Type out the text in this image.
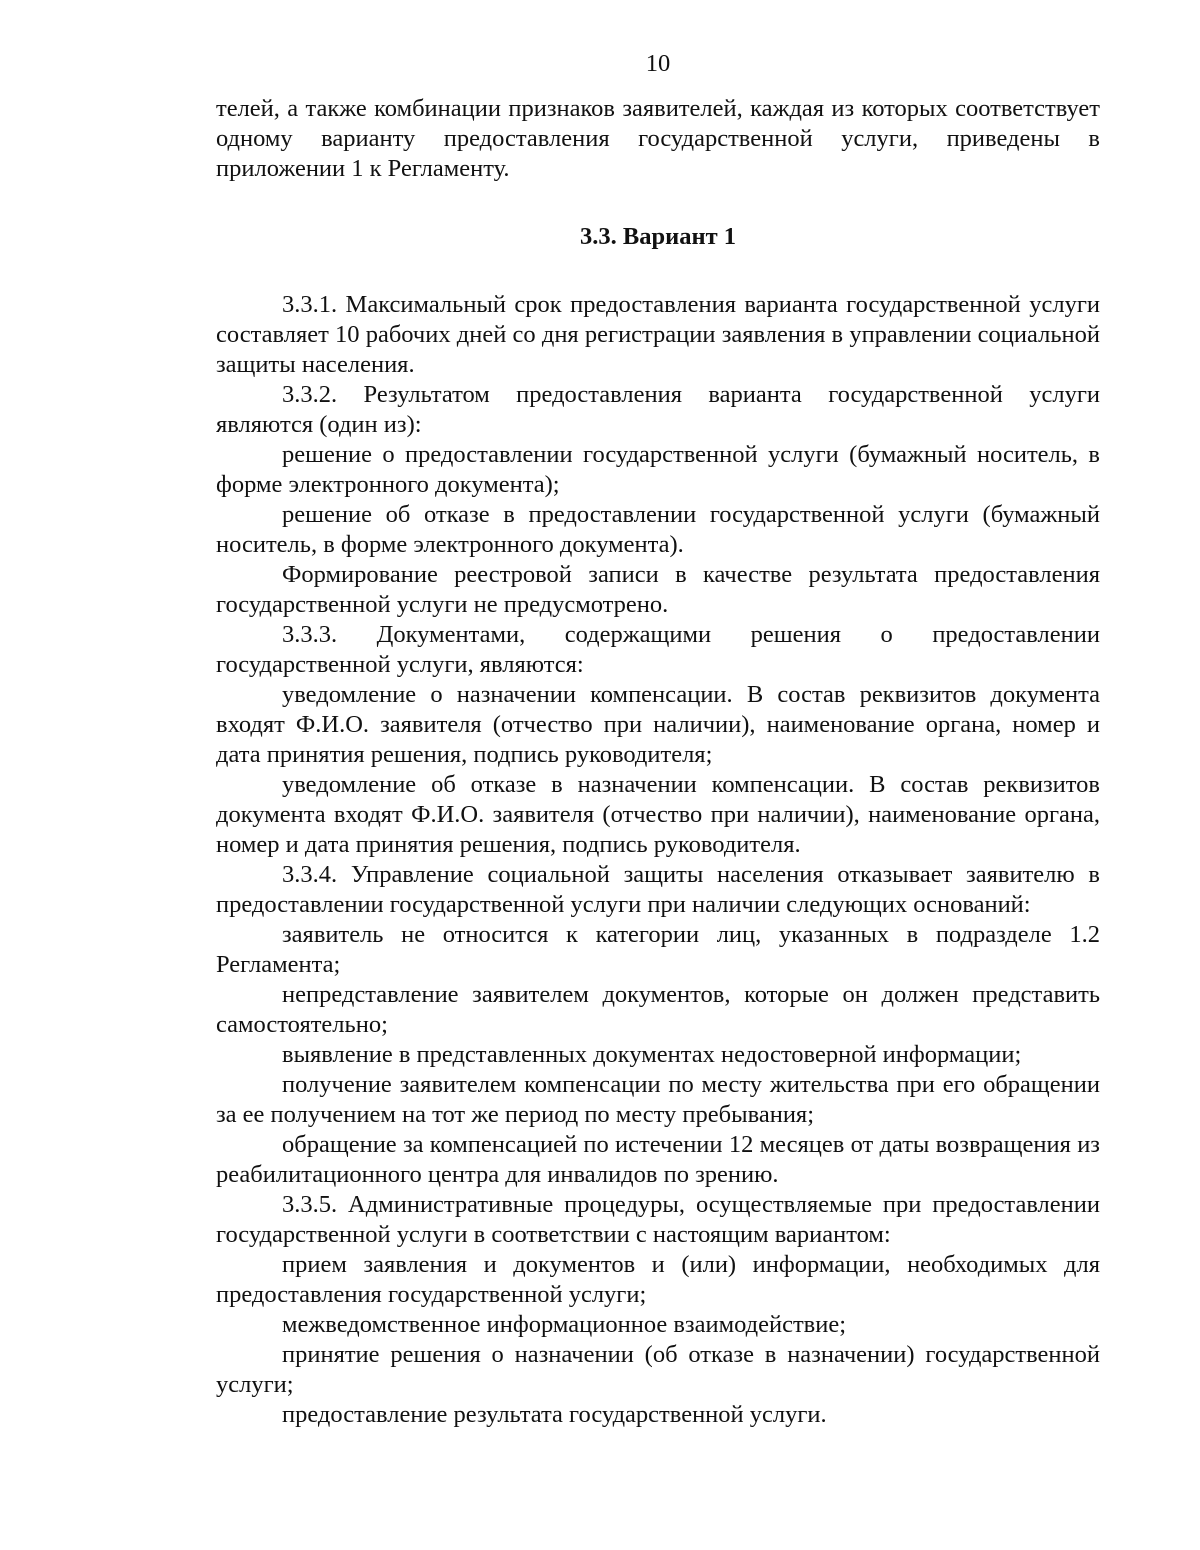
10

телей, а также комбинации признаков заявителей, каждая из которых соответствует одному варианту предоставления государственной услуги, приведены в приложении 1 к Регламенту.

3.3. Вариант 1

3.3.1. Максимальный срок предоставления варианта государственной услуги составляет 10 рабочих дней со дня регистрации заявления в управлении социальной защиты населения.

3.3.2. Результатом предоставления варианта государственной услуги являются (один из):

решение о предоставлении государственной услуги (бумажный носитель, в форме электронного документа);

решение об отказе в предоставлении государственной услуги (бумажный носитель, в форме электронного документа).

Формирование реестровой записи в качестве результата предоставления государственной услуги не предусмотрено.

3.3.3. Документами, содержащими решения о предоставлении государственной услуги, являются:

уведомление о назначении компенсации. В состав реквизитов документа входят Ф.И.О. заявителя (отчество при наличии), наименование органа, номер и дата принятия решения, подпись руководителя;

уведомление об отказе в назначении компенсации. В состав реквизитов документа входят Ф.И.О. заявителя (отчество при наличии), наименование органа, номер и дата принятия решения, подпись руководителя.

3.3.4. Управление социальной защиты населения отказывает заявителю в предоставлении государственной услуги при наличии следующих оснований:

заявитель не относится к категории лиц, указанных в подразделе 1.2 Регламента;

непредставление заявителем документов, которые он должен представить самостоятельно;

выявление в представленных документах недостоверной информации;

получение заявителем компенсации по месту жительства при его обращении за ее получением на тот же период по месту пребывания;

обращение за компенсацией по истечении 12 месяцев от даты возвращения из реабилитационного центра для инвалидов по зрению.

3.3.5. Административные процедуры, осуществляемые при предоставлении государственной услуги в соответствии с настоящим вариантом:

прием заявления и документов и (или) информации, необходимых для предоставления государственной услуги;

межведомственное информационное взаимодействие;

принятие решения о назначении (об отказе в назначении) государственной услуги;

предоставление результата государственной услуги.
